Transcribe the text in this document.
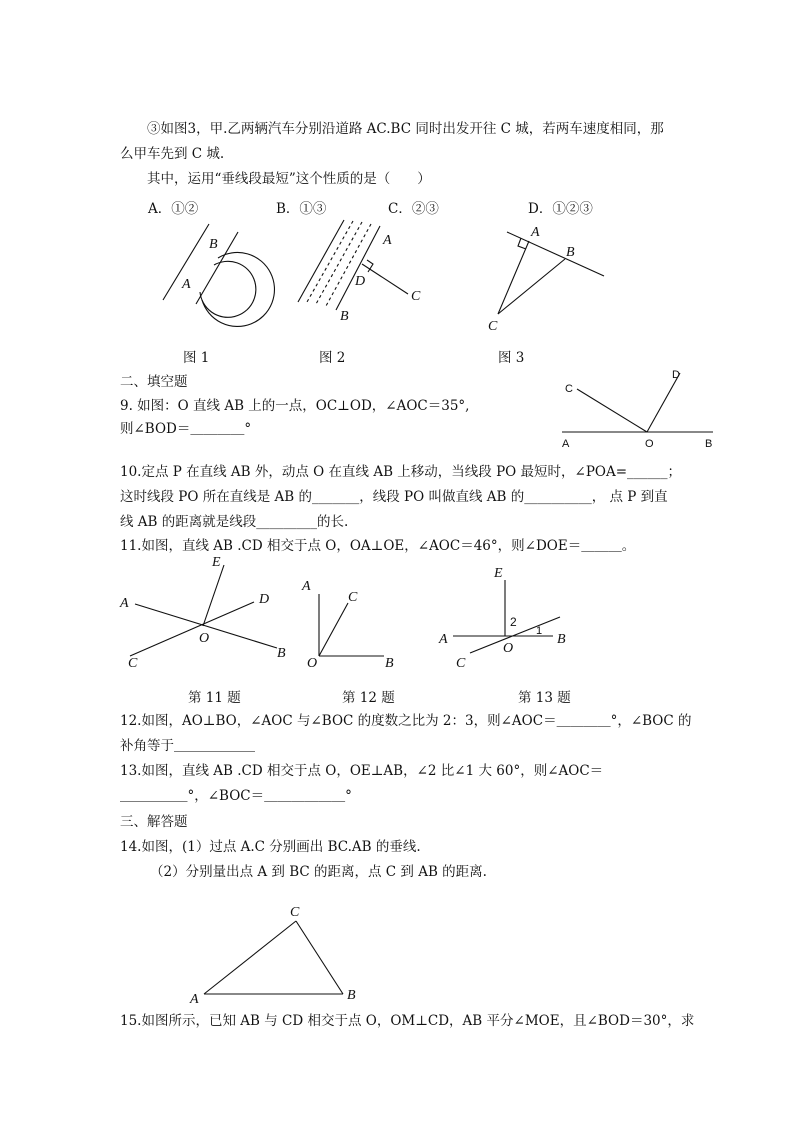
③如图3，甲.乙两辆汽车分别沿道路 AC.BC 同时出发开往 C 城，若两车速度相同，那
么甲车先到 C 城.
其中，运用“垂线段最短”这个性质的是（　　）
A．①②	B．①③	C．②③	D．①②③
图 1	图 2	图 3
二、填空题
9. 如图：O 直线 AB 上的一点，OC⊥OD，∠AOC＝35°,
则∠BOD＝＿＿＿＿°
10.定点 P 在直线 AB 外，动点 O 在直线 AB 上移动，当线段 PO 最短时，∠POA=______；
这时线段 PO 所在直线是 AB 的_______，线段 PO 叫做直线 AB 的__________， 点 P 到直
线 AB 的距离就是线段_________的长.
11.如图，直线 AB .CD 相交于点 O，OA⊥OE，∠AOC＝46°，则∠DOE＝＿＿＿。
第 11 题	第 12 题	第 13 题
12.如图，AO⊥BO，∠AOC 与∠BOC 的度数之比为 2：3，则∠AOC＝＿＿＿＿°，∠BOC 的
补角等于＿＿＿＿＿＿
13.如图，直线 AB .CD 相交于点 O，OE⊥AB，∠2 比∠1 大 60°，则∠AOC＝
＿＿＿＿＿°，∠BOC＝＿＿＿＿＿＿°
三、解答题
14.如图，(1）过点 A.C 分别画出 BC.AB 的垂线.
（2）分别量出点 A 到 BC 的距离，点 C 到 AB 的距离.
15.如图所示，已知 AB 与 CD 相交于点 O，OM⊥CD，AB 平分∠MOE，且∠BOD＝30°，求
B
A
A
D
C
B
A
B
C
C
D
A	O	B
E
A	D
O
B
C
A
C
O	B
E
2
1
A
O
B
C
C
A	B
